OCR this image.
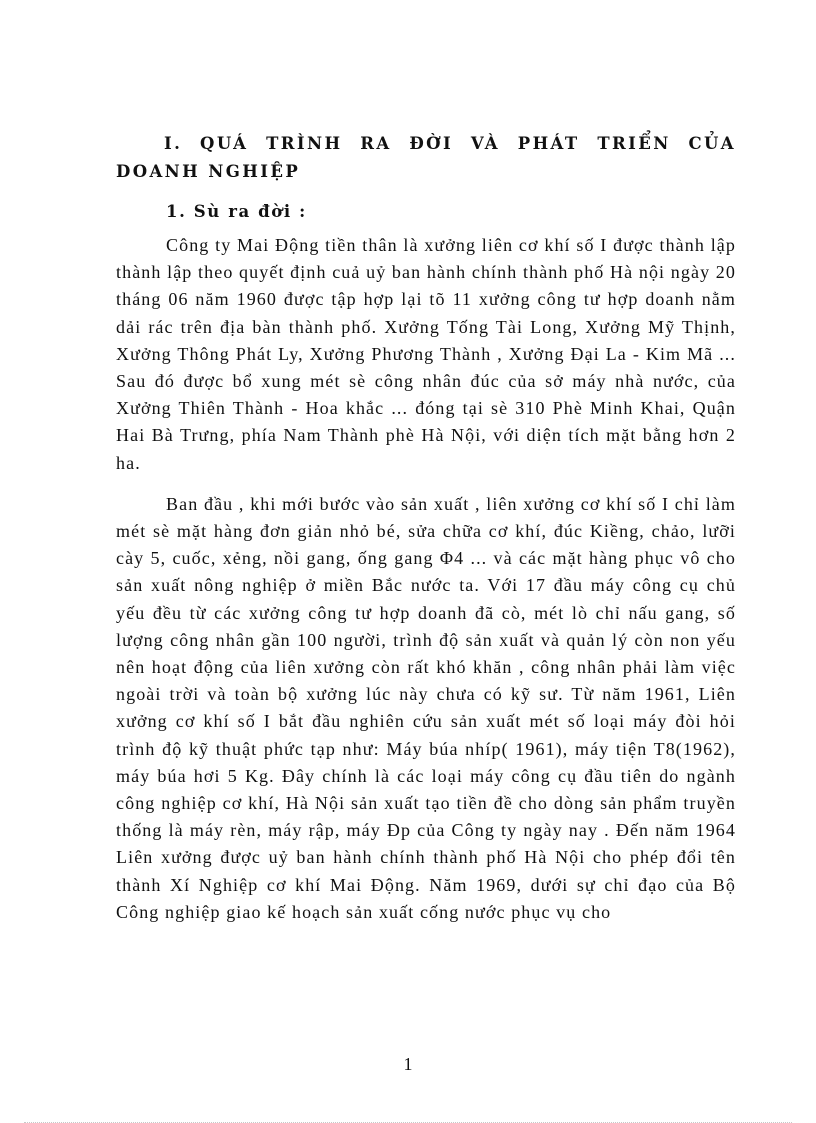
I. QUÁ TRÌNH RA ĐỜI VÀ PHÁT TRIỂN CỦA DOANH NGHIỆP
1. Sù ra đời :

Công ty Mai Động tiền thân là xưởng liên cơ khí số I được thành lập thành lập theo quyết định cuả uỷ ban hành chính thành phố Hà nội ngày 20 tháng 06 năm 1960 được tập hợp lại tõ 11 xưởng công tư hợp doanh nằm dải rác trên địa bàn thành phố. Xưởng Tống Tài Long, Xưởng Mỹ Thịnh, Xưởng Thông Phát Ly, Xưởng Phương Thành , Xưởng Đại La - Kim Mã ... Sau đó được bổ xung mét sè công nhân đúc của sở máy nhà nước, của Xưởng Thiên Thành - Hoa khắc ... đóng tại sè 310 Phè Minh Khai, Quận Hai Bà Trưng, phía Nam Thành phè Hà Nội, với diện tích mặt bằng hơn 2 ha.

Ban đầu , khi mới bước vào sản xuất , liên xưởng cơ khí số I chỉ làm mét sè mặt hàng đơn giản nhỏ bé, sửa chữa cơ khí, đúc Kiềng, chảo, lưỡi cày 5, cuốc, xẻng, nồi gang, ống gang Φ4 ... và các mặt hàng phục vô cho sản xuất nông nghiệp ở miền Bắc nước ta. Với 17 đầu máy công cụ chủ yếu đều từ các xưởng công tư hợp doanh đã cò, mét lò chỉ nấu gang, số lượng công nhân gần 100 người, trình độ sản xuất và quản lý còn non yếu nên hoạt động của liên xưởng còn rất khó khăn , công nhân phải làm việc ngoài trời và toàn bộ xưởng lúc này chưa có kỹ sư. Từ năm 1961, Liên xưởng cơ khí số I bắt đầu nghiên cứu sản xuất mét số loại máy đòi hỏi trình độ kỹ thuật phức tạp như: Máy búa nhíp( 1961), máy tiện T8(1962), máy búa hơi 5 Kg. Đây chính là các loại máy công cụ đầu tiên do ngành công nghiệp cơ khí, Hà Nội sản xuất tạo tiền đề cho dòng sản phẩm truyền thống là máy rèn, máy rập, máy Đp của Công ty ngày nay . Đến năm 1964 Liên xưởng được uỷ ban hành chính thành phố Hà Nội cho phép đổi tên thành Xí Nghiệp cơ khí Mai Động. Năm 1969, dưới sự chỉ đạo của Bộ Công nghiệp giao kế hoạch sản xuất cống nước phục vụ cho

1
